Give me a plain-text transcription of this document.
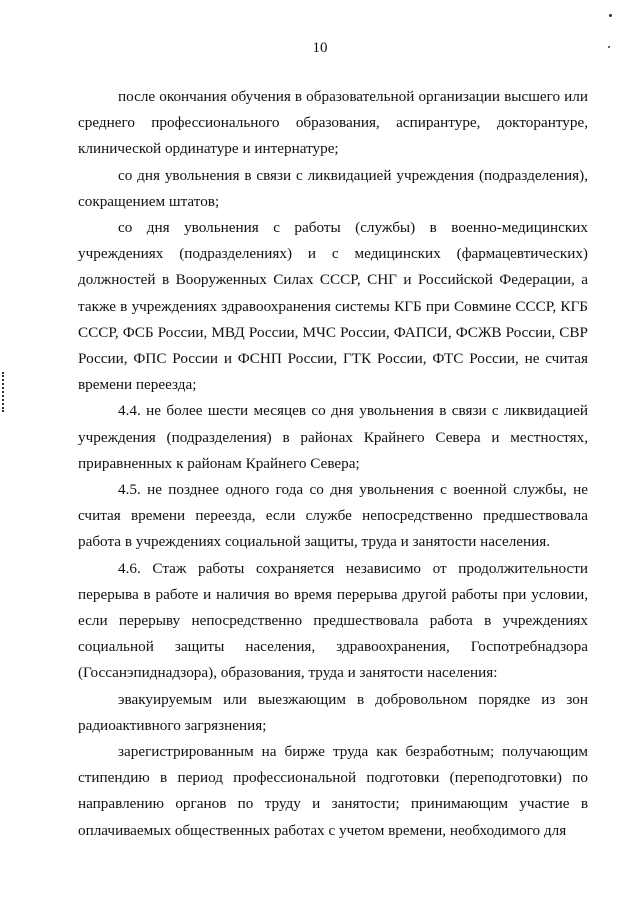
10

после окончания обучения в образовательной организации высшего или среднего профессионального образования, аспирантуре, докторантуре, клинической ординатуре и интернатуре;

со дня увольнения в связи с ликвидацией учреждения (подразделения), сокращением штатов;

со дня увольнения с работы (службы) в военно-медицинских учреждениях (подразделениях) и с медицинских (фармацевтических) должностей в Вооруженных Силах СССР, СНГ и Российской Федерации, а также в учреждениях здравоохранения системы КГБ при Совмине СССР, КГБ СССР, ФСБ России, МВД России, МЧС России, ФАПСИ, ФСЖВ России, СВР России, ФПС России и ФСНП России, ГТК России, ФТС России, не считая времени переезда;

4.4. не более шести месяцев со дня увольнения в связи с ликвидацией учреждения (подразделения) в районах Крайнего Севера и местностях, приравненных к районам Крайнего Севера;

4.5. не позднее одного года со дня увольнения с военной службы, не считая времени переезда, если службе непосредственно предшествовала работа в учреждениях социальной защиты, труда и занятости населения.

4.6. Стаж работы сохраняется независимо от продолжительности перерыва в работе и наличия во время перерыва другой работы при условии, если перерыву непосредственно предшествовала работа в учреждениях социальной защиты населения, здравоохранения, Госпотребнадзора (Госсанэпиднадзора), образования, труда и занятости населения:

эвакуируемым или выезжающим в добровольном порядке из зон радиоактивного загрязнения;

зарегистрированным на бирже труда как безработным; получающим стипендию в период профессиональной подготовки (переподготовки) по направлению органов по труду и занятости; принимающим участие в оплачиваемых общественных работах с учетом времени, необходимого для
